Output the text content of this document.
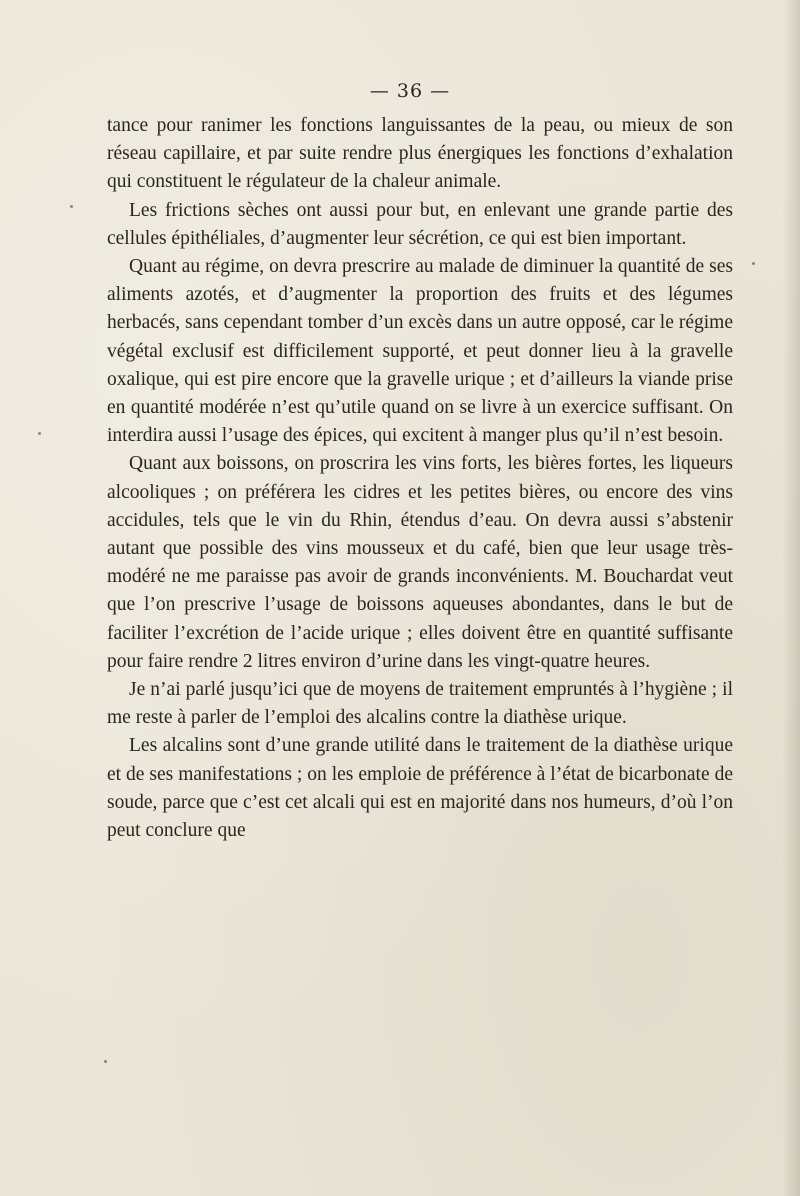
— 36 —

tance pour ranimer les fonctions languissantes de la peau, ou mieux de son réseau capillaire, et par suite rendre plus énergiques les fonctions d’exhalation qui constituent le régulateur de la chaleur animale.

Les frictions sèches ont aussi pour but, en enlevant une grande partie des cellules épithéliales, d’augmenter leur sécrétion, ce qui est bien important.

Quant au régime, on devra prescrire au malade de diminuer la quantité de ses aliments azotés, et d’augmenter la proportion des fruits et des légumes herbacés, sans cependant tomber d’un excès dans un autre opposé, car le régime végétal exclusif est difficilement supporté, et peut donner lieu à la gravelle oxalique, qui est pire encore que la gravelle urique ; et d’ailleurs la viande prise en quantité modérée n’est qu’utile quand on se livre à un exercice suffisant. On interdira aussi l’usage des épices, qui excitent à manger plus qu’il n’est besoin.

Quant aux boissons, on proscrira les vins forts, les bières fortes, les liqueurs alcooliques ; on préférera les cidres et les petites bières, ou encore des vins accidules, tels que le vin du Rhin, étendus d’eau. On devra aussi s’abstenir autant que possible des vins mousseux et du café, bien que leur usage très-modéré ne me paraisse pas avoir de grands inconvénients. M. Bouchardat veut que l’on prescrive l’usage de boissons aqueuses abondantes, dans le but de faciliter l’excrétion de l’acide urique ; elles doivent être en quantité suffisante pour faire rendre 2 litres environ d’urine dans les vingt-quatre heures.

Je n’ai parlé jusqu’ici que de moyens de traitement empruntés à l’hygiène ; il me reste à parler de l’emploi des alcalins contre la diathèse urique.

Les alcalins sont d’une grande utilité dans le traitement de la diathèse urique et de ses manifestations ; on les emploie de préférence à l’état de bicarbonate de soude, parce que c’est cet alcali qui est en majorité dans nos humeurs, d’où l’on peut conclure que
